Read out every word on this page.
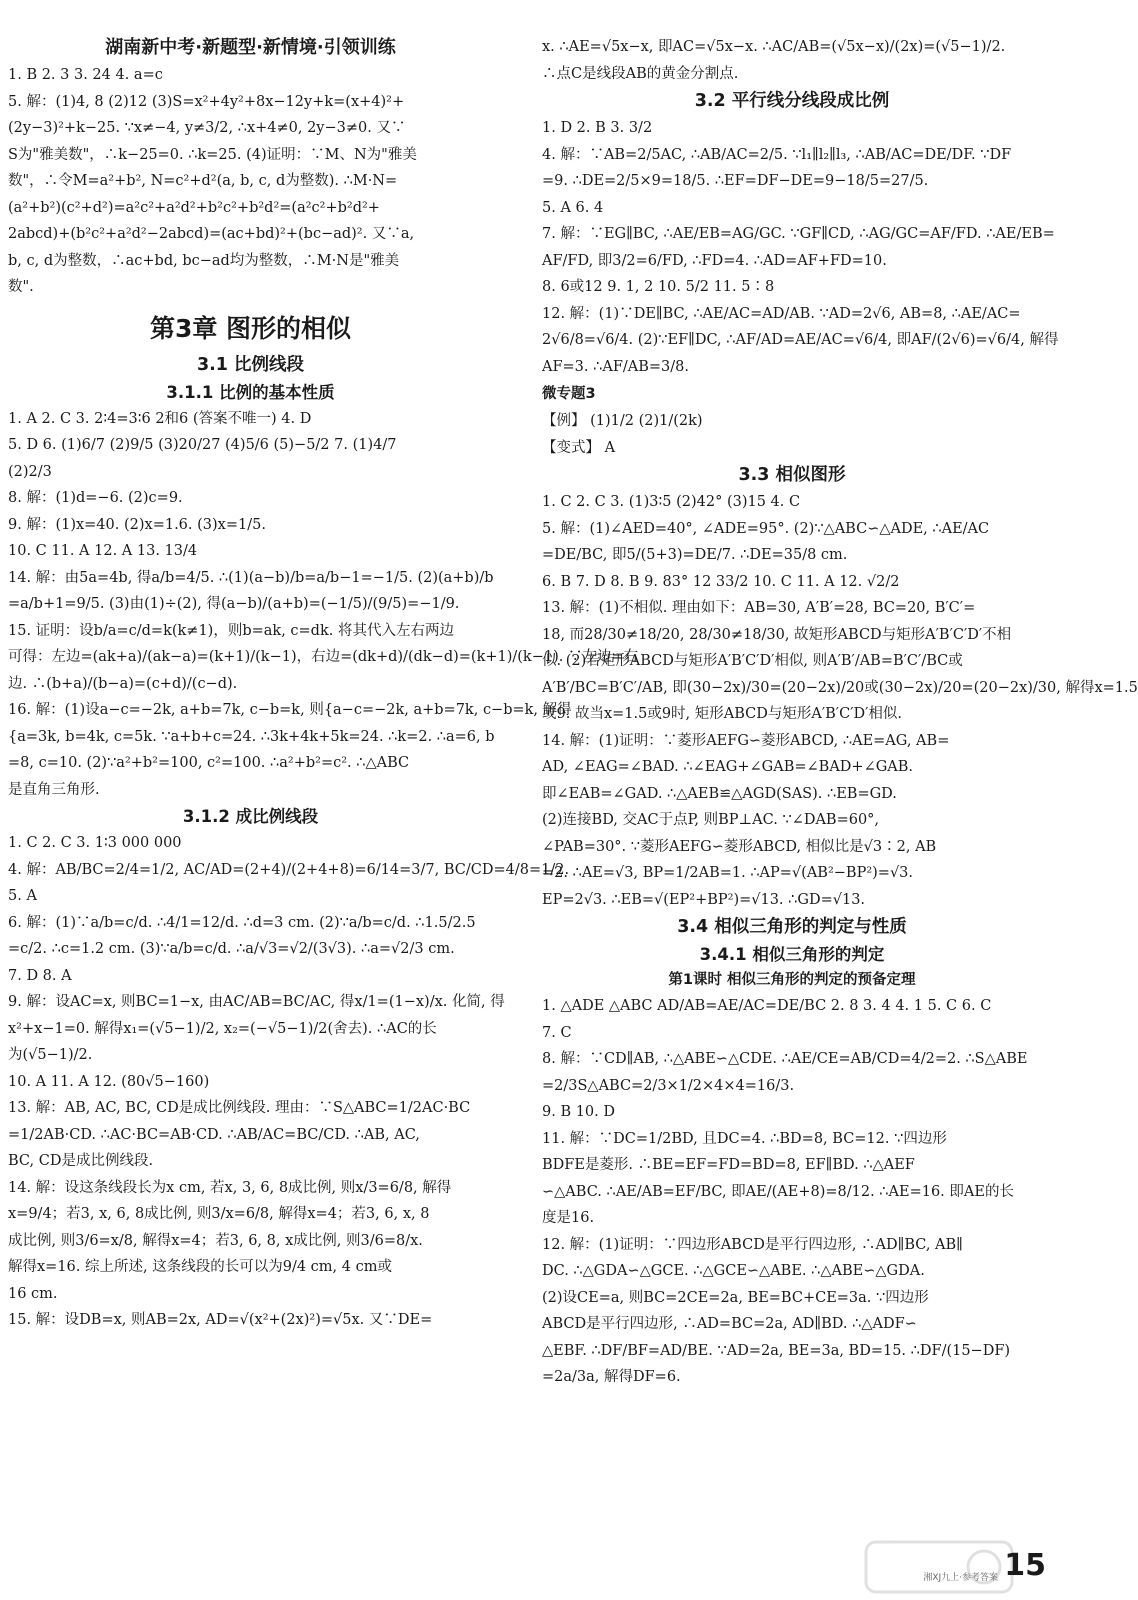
湖南新中考·新题型·新情境·引领训练
1. B 2. 3 3. 24 4. a=c
5. 解：(1)4, 8 (2)12 (3)S=x²+4y²+8x−12y+k=(x+4)²+
(2y−3)²+k−25. ∵x≠−4, y≠3/2, ∴x+4≠0, 2y−3≠0. 又∵
S为"雅美数"，∴k−25=0. ∴k=25. (4)证明：∵M、N为"雅美
数"，∴令M=a²+b², N=c²+d²(a, b, c, d为整数). ∴M·N=
(a²+b²)(c²+d²)=a²c²+a²d²+b²c²+b²d²=(a²c²+b²d²+
2abcd)+(b²c²+a²d²−2abcd)=(ac+bd)²+(bc−ad)². 又∵a,
b, c, d为整数，∴ac+bd, bc−ad均为整数，∴M·N是"雅美
数".
第3章 图形的相似
3.1 比例线段
3.1.1 比例的基本性质
1. A 2. C 3. 2∶4=3∶6 2和6 (答案不唯一) 4. D
5. D 6. (1)6/7 (2)9/5 (3)20/27 (4)5/6 (5)−5/2 7. (1)4/7
(2)2/3
8. 解：(1)d=−6. (2)c=9.
9. 解：(1)x=40. (2)x=1.6. (3)x=1/5.
10. C 11. A 12. A 13. 13/4
14. 解：由5a=4b, 得a/b=4/5. ∴(1)(a−b)/b=a/b−1=−1/5. (2)(a+b)/b
=a/b+1=9/5. (3)由(1)÷(2), 得(a−b)/(a+b)=(−1/5)/(9/5)=−1/9.
15. 证明：设b/a=c/d=k(k≠1)，则b=ak, c=dk. 将其代入左右两边
可得：左边=(ak+a)/(ak−a)=(k+1)/(k−1)，右边=(dk+d)/(dk−d)=(k+1)/(k−1). ∵左边=右
边. ∴(b+a)/(b−a)=(c+d)/(c−d).
16. 解：(1)设a−c=−2k, a+b=7k, c−b=k, 则{a−c=−2k, a+b=7k, c−b=k, 解得
{a=3k, b=4k, c=5k. ∵a+b+c=24. ∴3k+4k+5k=24. ∴k=2. ∴a=6, b
=8, c=10. (2)∵a²+b²=100, c²=100. ∴a²+b²=c². ∴△ABC
是直角三角形.
3.1.2 成比例线段
1. C 2. C 3. 1∶3 000 000
4. 解：AB/BC=2/4=1/2, AC/AD=(2+4)/(2+4+8)=6/14=3/7, BC/CD=4/8=1/2.
5. A
6. 解：(1)∵a/b=c/d. ∴4/1=12/d. ∴d=3 cm. (2)∵a/b=c/d. ∴1.5/2.5
=c/2. ∴c=1.2 cm. (3)∵a/b=c/d. ∴a/√3=√2/(3√3). ∴a=√2/3 cm.
7. D 8. A
9. 解：设AC=x, 则BC=1−x, 由AC/AB=BC/AC, 得x/1=(1−x)/x. 化简, 得
x²+x−1=0. 解得x₁=(√5−1)/2, x₂=(−√5−1)/2(舍去). ∴AC的长
为(√5−1)/2.
10. A 11. A 12. (80√5−160)
13. 解：AB, AC, BC, CD是成比例线段. 理由：∵S△ABC=1/2AC·BC
=1/2AB·CD. ∴AC·BC=AB·CD. ∴AB/AC=BC/CD. ∴AB, AC,
BC, CD是成比例线段.
14. 解：设这条线段长为x cm, 若x, 3, 6, 8成比例, 则x/3=6/8, 解得
x=9/4；若3, x, 6, 8成比例, 则3/x=6/8, 解得x=4；若3, 6, x, 8
成比例, 则3/6=x/8, 解得x=4；若3, 6, 8, x成比例, 则3/6=8/x.
解得x=16. 综上所述, 这条线段的长可以为9/4 cm, 4 cm或
16 cm.
15. 解：设DB=x, 则AB=2x, AD=√(x²+(2x)²)=√5x. 又∵DE=
x. ∴AE=√5x−x, 即AC=√5x−x. ∴AC/AB=(√5x−x)/(2x)=(√5−1)/2.
∴点C是线段AB的黄金分割点.
3.2 平行线分线段成比例
1. D 2. B 3. 3/2
4. 解：∵AB=2/5AC, ∴AB/AC=2/5. ∵l₁∥l₂∥l₃, ∴AB/AC=DE/DF. ∵DF
=9. ∴DE=2/5×9=18/5. ∴EF=DF−DE=9−18/5=27/5.
5. A 6. 4
7. 解：∵EG∥BC, ∴AE/EB=AG/GC. ∵GF∥CD, ∴AG/GC=AF/FD. ∴AE/EB=
AF/FD, 即3/2=6/FD, ∴FD=4. ∴AD=AF+FD=10.
8. 6或12 9. 1, 2 10. 5/2 11. 5∶8
12. 解：(1)∵DE∥BC, ∴AE/AC=AD/AB. ∵AD=2√6, AB=8, ∴AE/AC=
2√6/8=√6/4. (2)∵EF∥DC, ∴AF/AD=AE/AC=√6/4, 即AF/(2√6)=√6/4, 解得
AF=3. ∴AF/AB=3/8.
微专题3
【例】 (1)1/2 (2)1/(2k)
【变式】 A
3.3 相似图形
1. C 2. C 3. (1)3∶5 (2)42° (3)15 4. C
5. 解：(1)∠AED=40°, ∠ADE=95°. (2)∵△ABC∽△ADE, ∴AE/AC
=DE/BC, 即5/(5+3)=DE/7. ∴DE=35/8 cm.
6. B 7. D 8. B 9. 83° 12 33/2 10. C 11. A 12. √2/2
13. 解：(1)不相似. 理由如下：AB=30, A′B′=28, BC=20, B′C′=
18, 而28/30≠18/20, 28/30≠18/30, 故矩形ABCD与矩形A′B′C′D′不相
似. (2)若矩形ABCD与矩形A′B′C′D′相似, 则A′B′/AB=B′C′/BC或
A′B′/BC=B′C′/AB, 即(30−2x)/30=(20−2x)/20或(30−2x)/20=(20−2x)/30, 解得x=1.5
或9. 故当x=1.5或9时, 矩形ABCD与矩形A′B′C′D′相似.
14. 解：(1)证明：∵菱形AEFG∽菱形ABCD, ∴AE=AG, AB=
AD, ∠EAG=∠BAD. ∴∠EAG+∠GAB=∠BAD+∠GAB.
即∠EAB=∠GAD. ∴△AEB≌△AGD(SAS). ∴EB=GD.
(2)连接BD, 交AC于点P, 则BP⊥AC. ∵∠DAB=60°,
∠PAB=30°. ∵菱形AEFG∽菱形ABCD, 相似比是√3∶2, AB
=2. ∴AE=√3, BP=1/2AB=1. ∴AP=√(AB²−BP²)=√3.
EP=2√3. ∴EB=√(EP²+BP²)=√13. ∴GD=√13.
3.4 相似三角形的判定与性质
3.4.1 相似三角形的判定
第1课时 相似三角形的判定的预备定理
1. △ADE △ABC AD/AB=AE/AC=DE/BC 2. 8 3. 4 4. 1 5. C 6. C
7. C
8. 解：∵CD∥AB, ∴△ABE∽△CDE. ∴AE/CE=AB/CD=4/2=2. ∴S△ABE
=2/3S△ABC=2/3×1/2×4×4=16/3.
9. B 10. D
11. 解：∵DC=1/2BD, 且DC=4. ∴BD=8, BC=12. ∵四边形
BDFE是菱形. ∴BE=EF=FD=BD=8, EF∥BD. ∴△AEF
∽△ABC. ∴AE/AB=EF/BC, 即AE/(AE+8)=8/12. ∴AE=16. 即AE的长
度是16.
12. 解：(1)证明：∵四边形ABCD是平行四边形, ∴AD∥BC, AB∥
DC. ∴△GDA∽△GCE. ∴△GCE∽△ABE. ∴△ABE∽△GDA.
(2)设CE=a, 则BC=2CE=2a, BE=BC+CE=3a. ∵四边形
ABCD是平行四边形, ∴AD=BC=2a, AD∥BD. ∴△ADF∽
△EBF. ∴DF/BF=AD/BE. ∵AD=2a, BE=3a, BD=15. ∴DF/(15−DF)
=2a/3a, 解得DF=6.
湘XJ九上·参考答案 15
